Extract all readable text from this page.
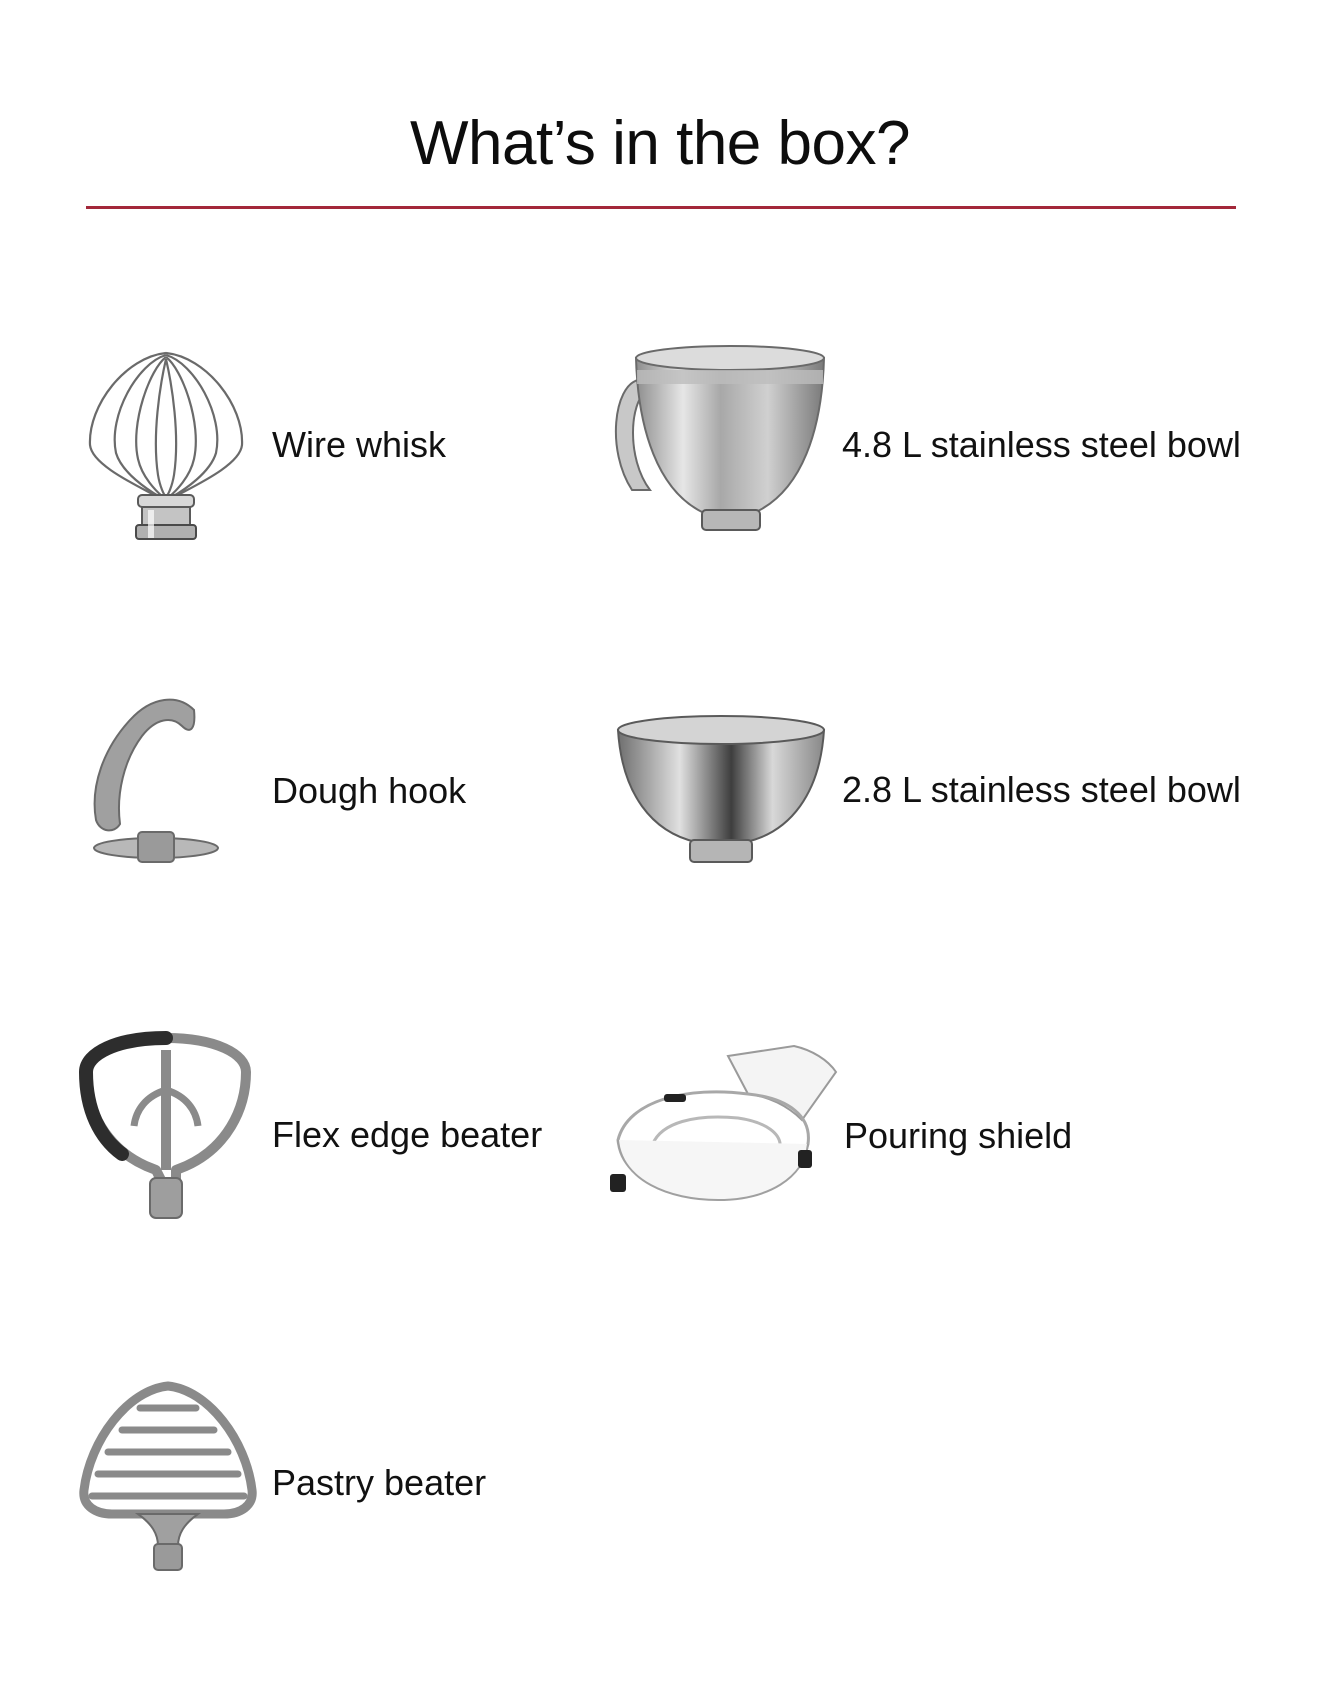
What’s in the box?
Wire whisk	4.8 L stainless steel bowl
Dough hook	2.8 L stainless steel bowl
Flex edge beater	Pouring shield
Pastry beater
